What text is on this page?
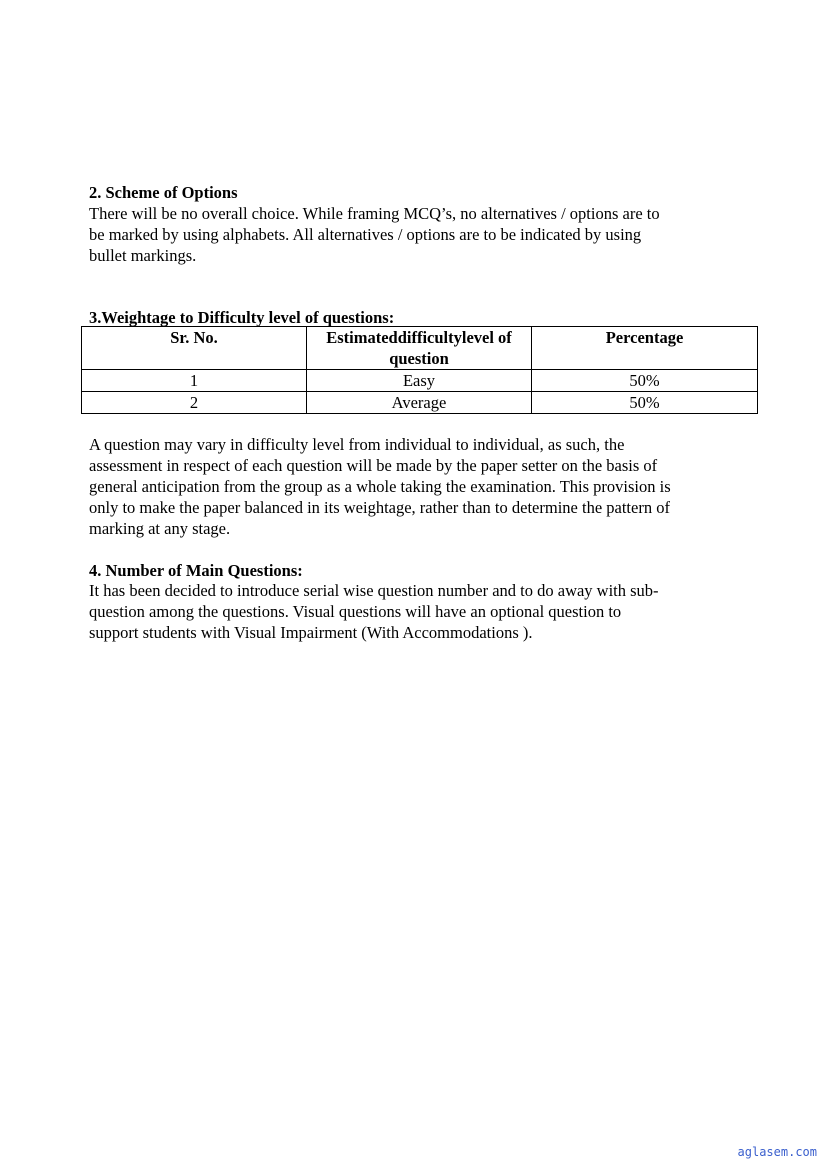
2. Scheme of Options
There will be no overall choice. While framing MCQ’s, no alternatives / options are to
be marked by using alphabets. All alternatives / options are to be indicated by using
bullet markings.
3.Weightage to Difficulty level of questions:
Sr. No.	Estimateddifficultylevel of question	Percentage
1	Easy	50%
2	Average	50%
A question may vary in difficulty level from individual to individual, as such, the
assessment in respect of each question will be made by the paper setter on the basis of
general anticipation from the group as a whole taking the examination. This provision is
only to make the paper balanced in its weightage, rather than to determine the pattern of
marking at any stage.
4. Number of Main Questions:
It has been decided to introduce serial wise question number and to do away with sub-
question among the questions. Visual questions will have an optional question to
support students with Visual Impairment (With Accommodations ).
aglasem.com
